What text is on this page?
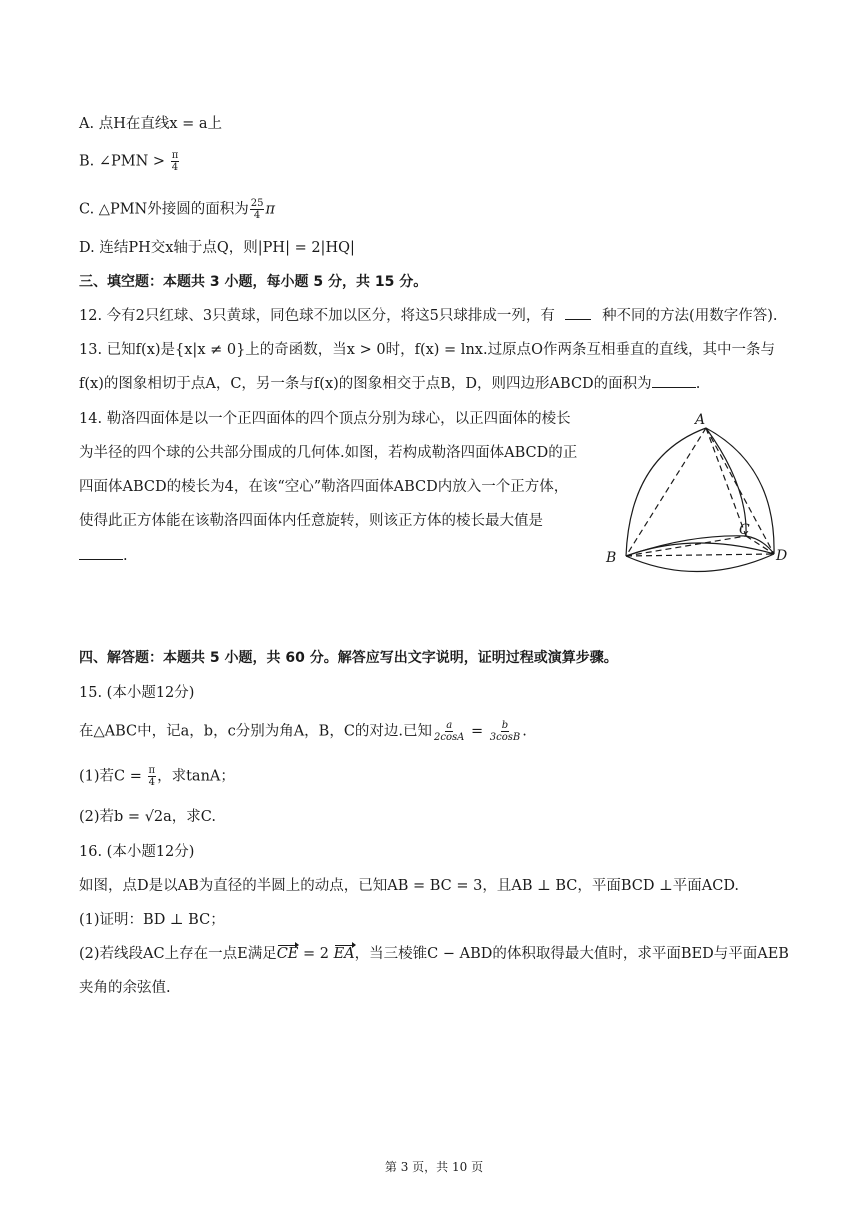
A. 点H在直线x = a上
B. ∠PMN > $\frac{\pi}{4}$
C. △PMN外接圆的面积为 $\frac{25}{4}$ π
D. 连结PH交x轴于点Q，则|PH| = 2|HQ|
三、填空题：本题共 3 小题，每小题 5 分，共 15 分。
12. 今有2只红球、3只黄球，同色球不加以区分，将这5只球排成一列，有	种不同的方法(用数字作答).
13. 已知f(x)是{x|x ≠ 0}上的奇函数，当x > 0时，f(x) = lnx.过原点O作两条互相垂直的直线，其中一条与
f(x)的图象相切于点A，C，另一条与f(x)的图象相交于点B，D，则四边形ABCD的面积为	.
14. 勒洛四面体是以一个正四面体的四个顶点分别为球心，以正四面体的棱长
为半径的四个球的公共部分围成的几何体.如图，若构成勒洛四面体ABCD的正
四面体ABCD的棱长为4，在该“空心”勒洛四面体ABCD内放入一个正方体，
使得此正方体能在该勒洛四面体内任意旋转，则该正方体的棱长最大值是
.
A
B
C
D
四、解答题：本题共 5 小题，共 60 分。解答应写出文字说明，证明过程或演算步骤。
15. (本小题12分)
在△ABC中，记a，b，c分别为角A，B，C的对边.已知 $\frac{a}{2\cos A} = \frac{b}{3\cos B}$ .
(1)若$C = \frac{\pi}{4}$ ，求tanA；
(2)若b = √2a，求C.
16. (本小题12分)
如图，点D是以AB为直径的半圆上的动点，已知AB = BC = 3，且AB ⊥ BC，平面BCD ⊥平面ACD.
(1)证明：BD ⊥ BC；
(2)若线段AC上存在一点E满足CE = 2 EA，当三棱锥C − ABD的体积取得最大值时，求平面BED与平面AEB
夹角的余弦值.
第 3 页，共 10 页
